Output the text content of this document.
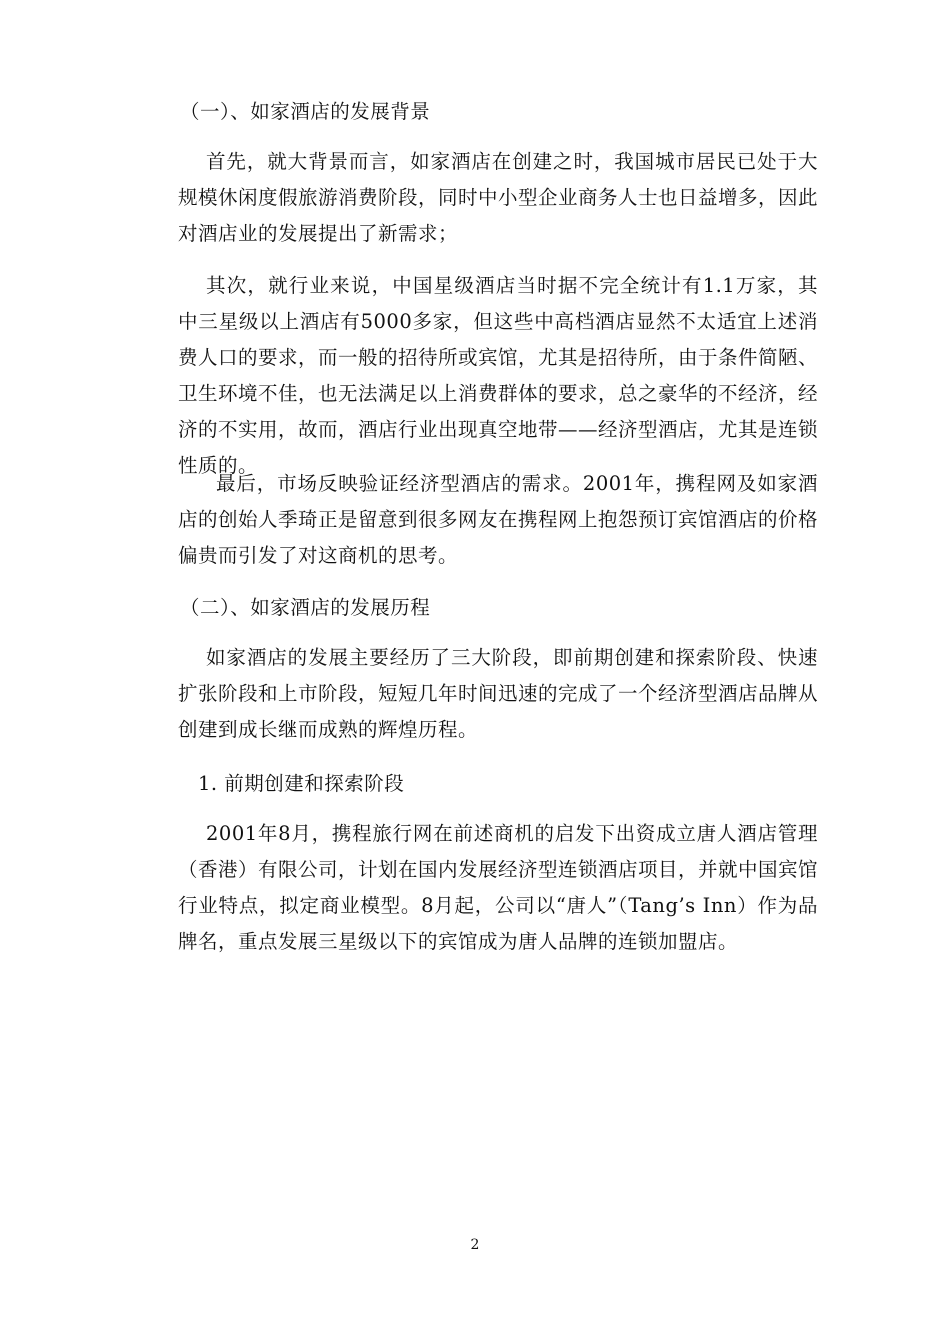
（一）、如家酒店的发展背景
首先，就大背景而言，如家酒店在创建之时，我国城市居民已处于大规模休闲度假旅游消费阶段，同时中小型企业商务人士也日益增多，因此对酒店业的发展提出了新需求；
其次，就行业来说，中国星级酒店当时据不完全统计有1.1万家，其中三星级以上酒店有5000多家，但这些中高档酒店显然不太适宜上述消费人口的要求，而一般的招待所或宾馆，尤其是招待所，由于条件简陋、卫生环境不佳，也无法满足以上消费群体的要求，总之豪华的不经济，经济的不实用，故而，酒店行业出现真空地带——经济型酒店，尤其是连锁性质的。
最后，市场反映验证经济型酒店的需求。2001年，携程网及如家酒店的创始人季琦正是留意到很多网友在携程网上抱怨预订宾馆酒店的价格偏贵而引发了对这商机的思考。
（二）、如家酒店的发展历程
如家酒店的发展主要经历了三大阶段，即前期创建和探索阶段、快速扩张阶段和上市阶段，短短几年时间迅速的完成了一个经济型酒店品牌从创建到成长继而成熟的辉煌历程。
1. 前期创建和探索阶段
2001年8月，携程旅行网在前述商机的启发下出资成立唐人酒店管理（香港）有限公司，计划在国内发展经济型连锁酒店项目，并就中国宾馆行业特点，拟定商业模型。8月起，公司以“唐人”（Tang’s Inn）作为品牌名，重点发展三星级以下的宾馆成为唐人品牌的连锁加盟店。
2
